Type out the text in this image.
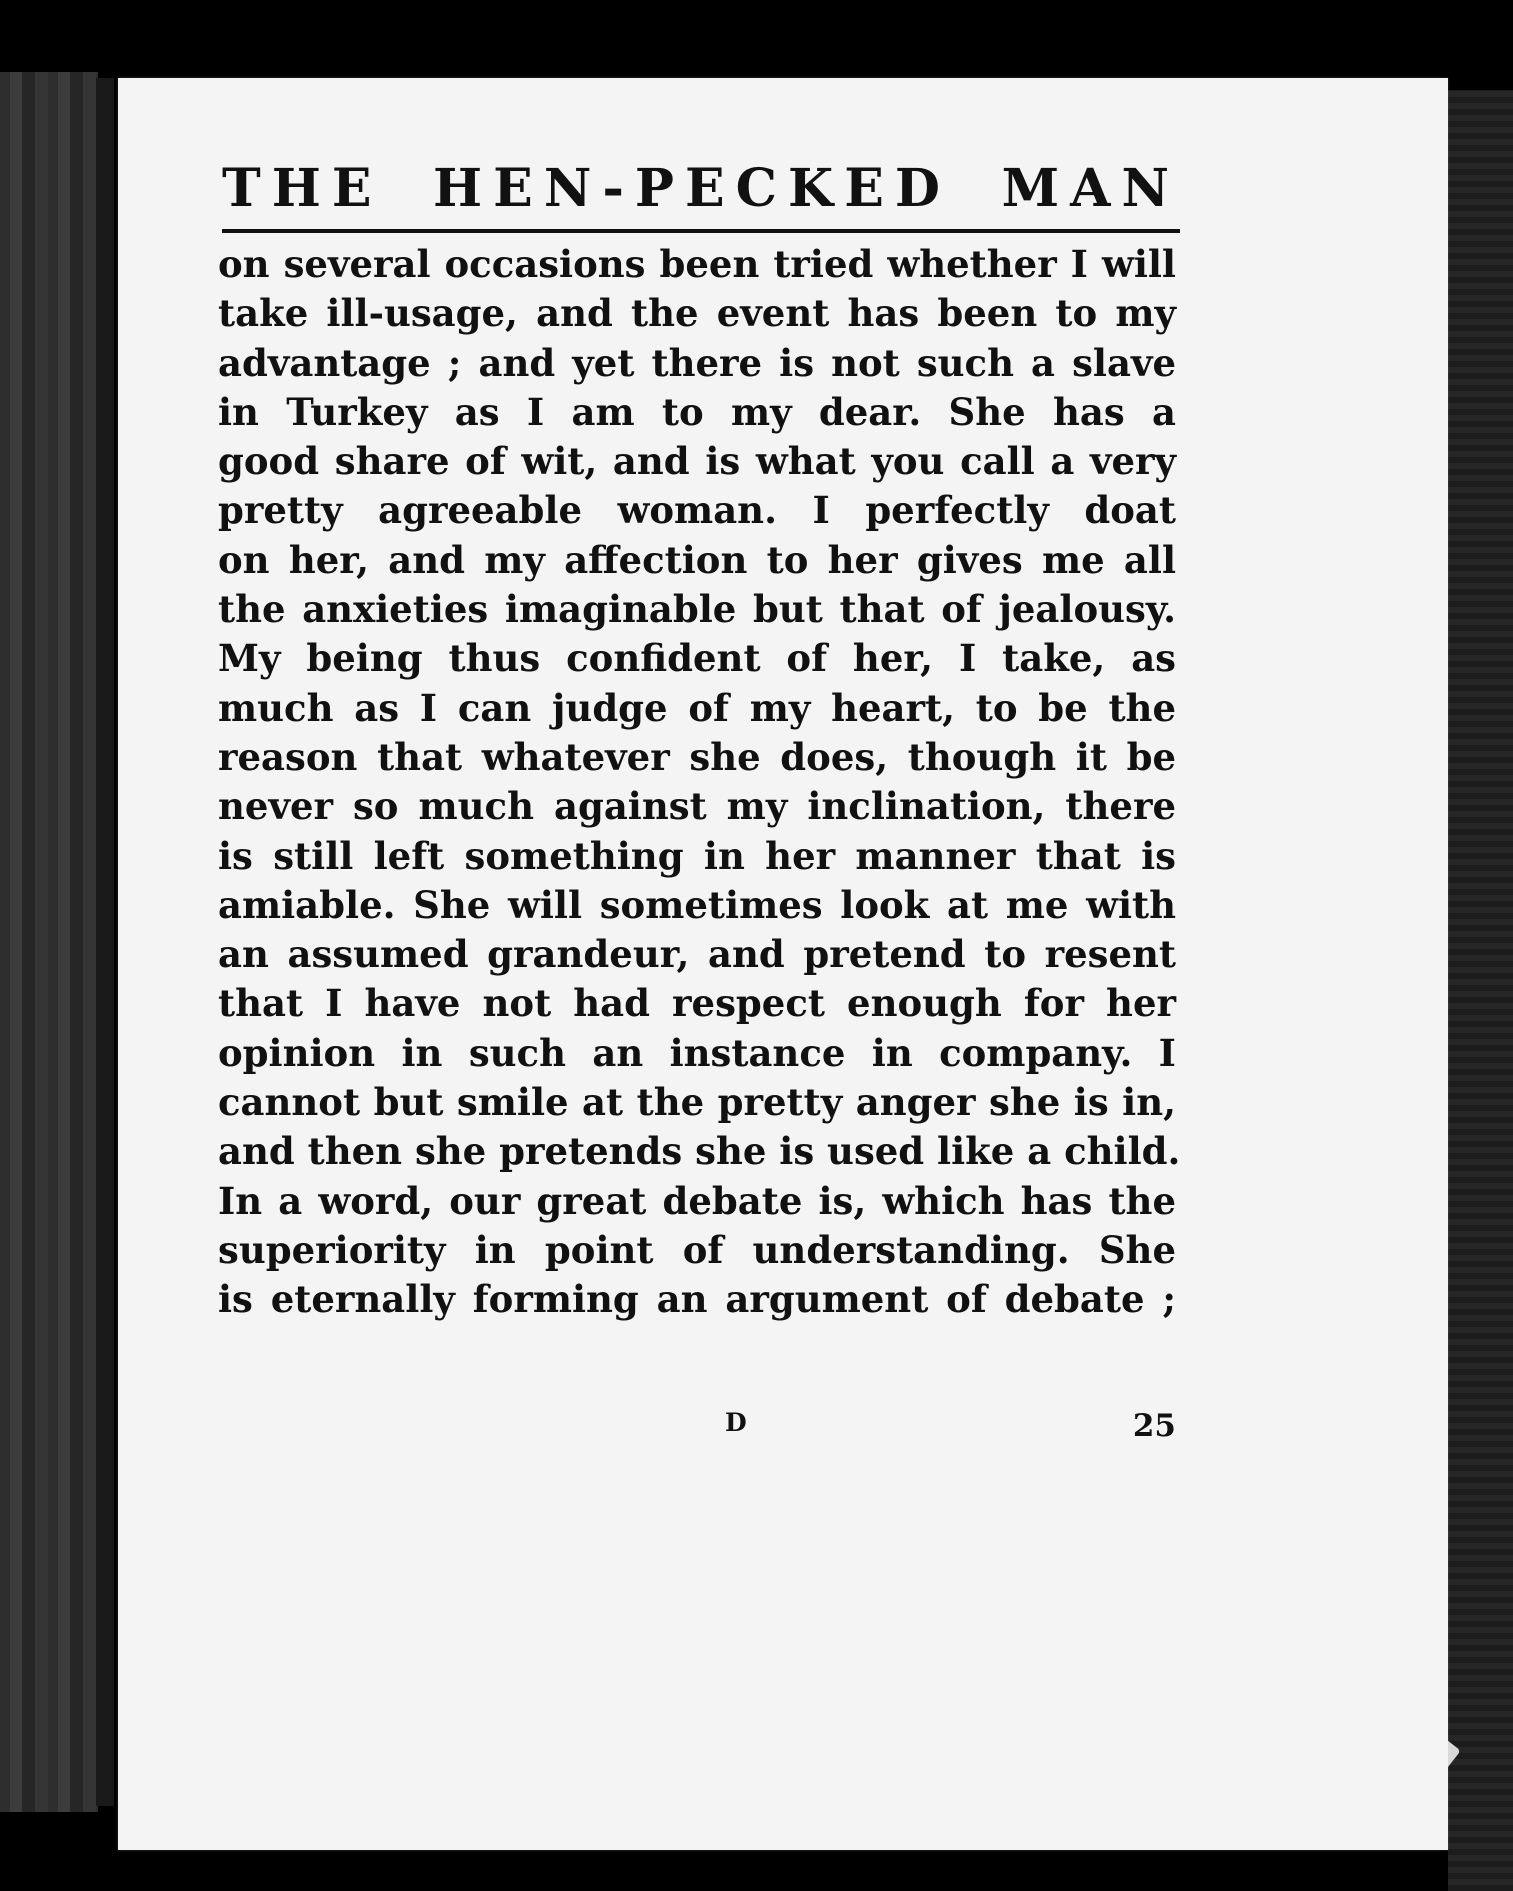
THE HEN-PECKED MAN
on several occasions been tried whether I will
take ill-usage, and the event has been to my
advantage ; and yet there is not such a slave
in Turkey as I am to my dear. She has a
good share of wit, and is what you call a very
pretty agreeable woman. I perfectly doat
on her, and my affection to her gives me all
the anxieties imaginable but that of jealousy.
My being thus confident of her, I take, as
much as I can judge of my heart, to be the
reason that whatever she does, though it be
never so much against my inclination, there
is still left something in her manner that is
amiable. She will sometimes look at me with
an assumed grandeur, and pretend to resent
that I have not had respect enough for her
opinion in such an instance in company. I
cannot but smile at the pretty anger she is in,
and then she pretends she is used like a child.
In a word, our great debate is, which has the
superiority in point of understanding. She
is eternally forming an argument of debate ;
D	25
